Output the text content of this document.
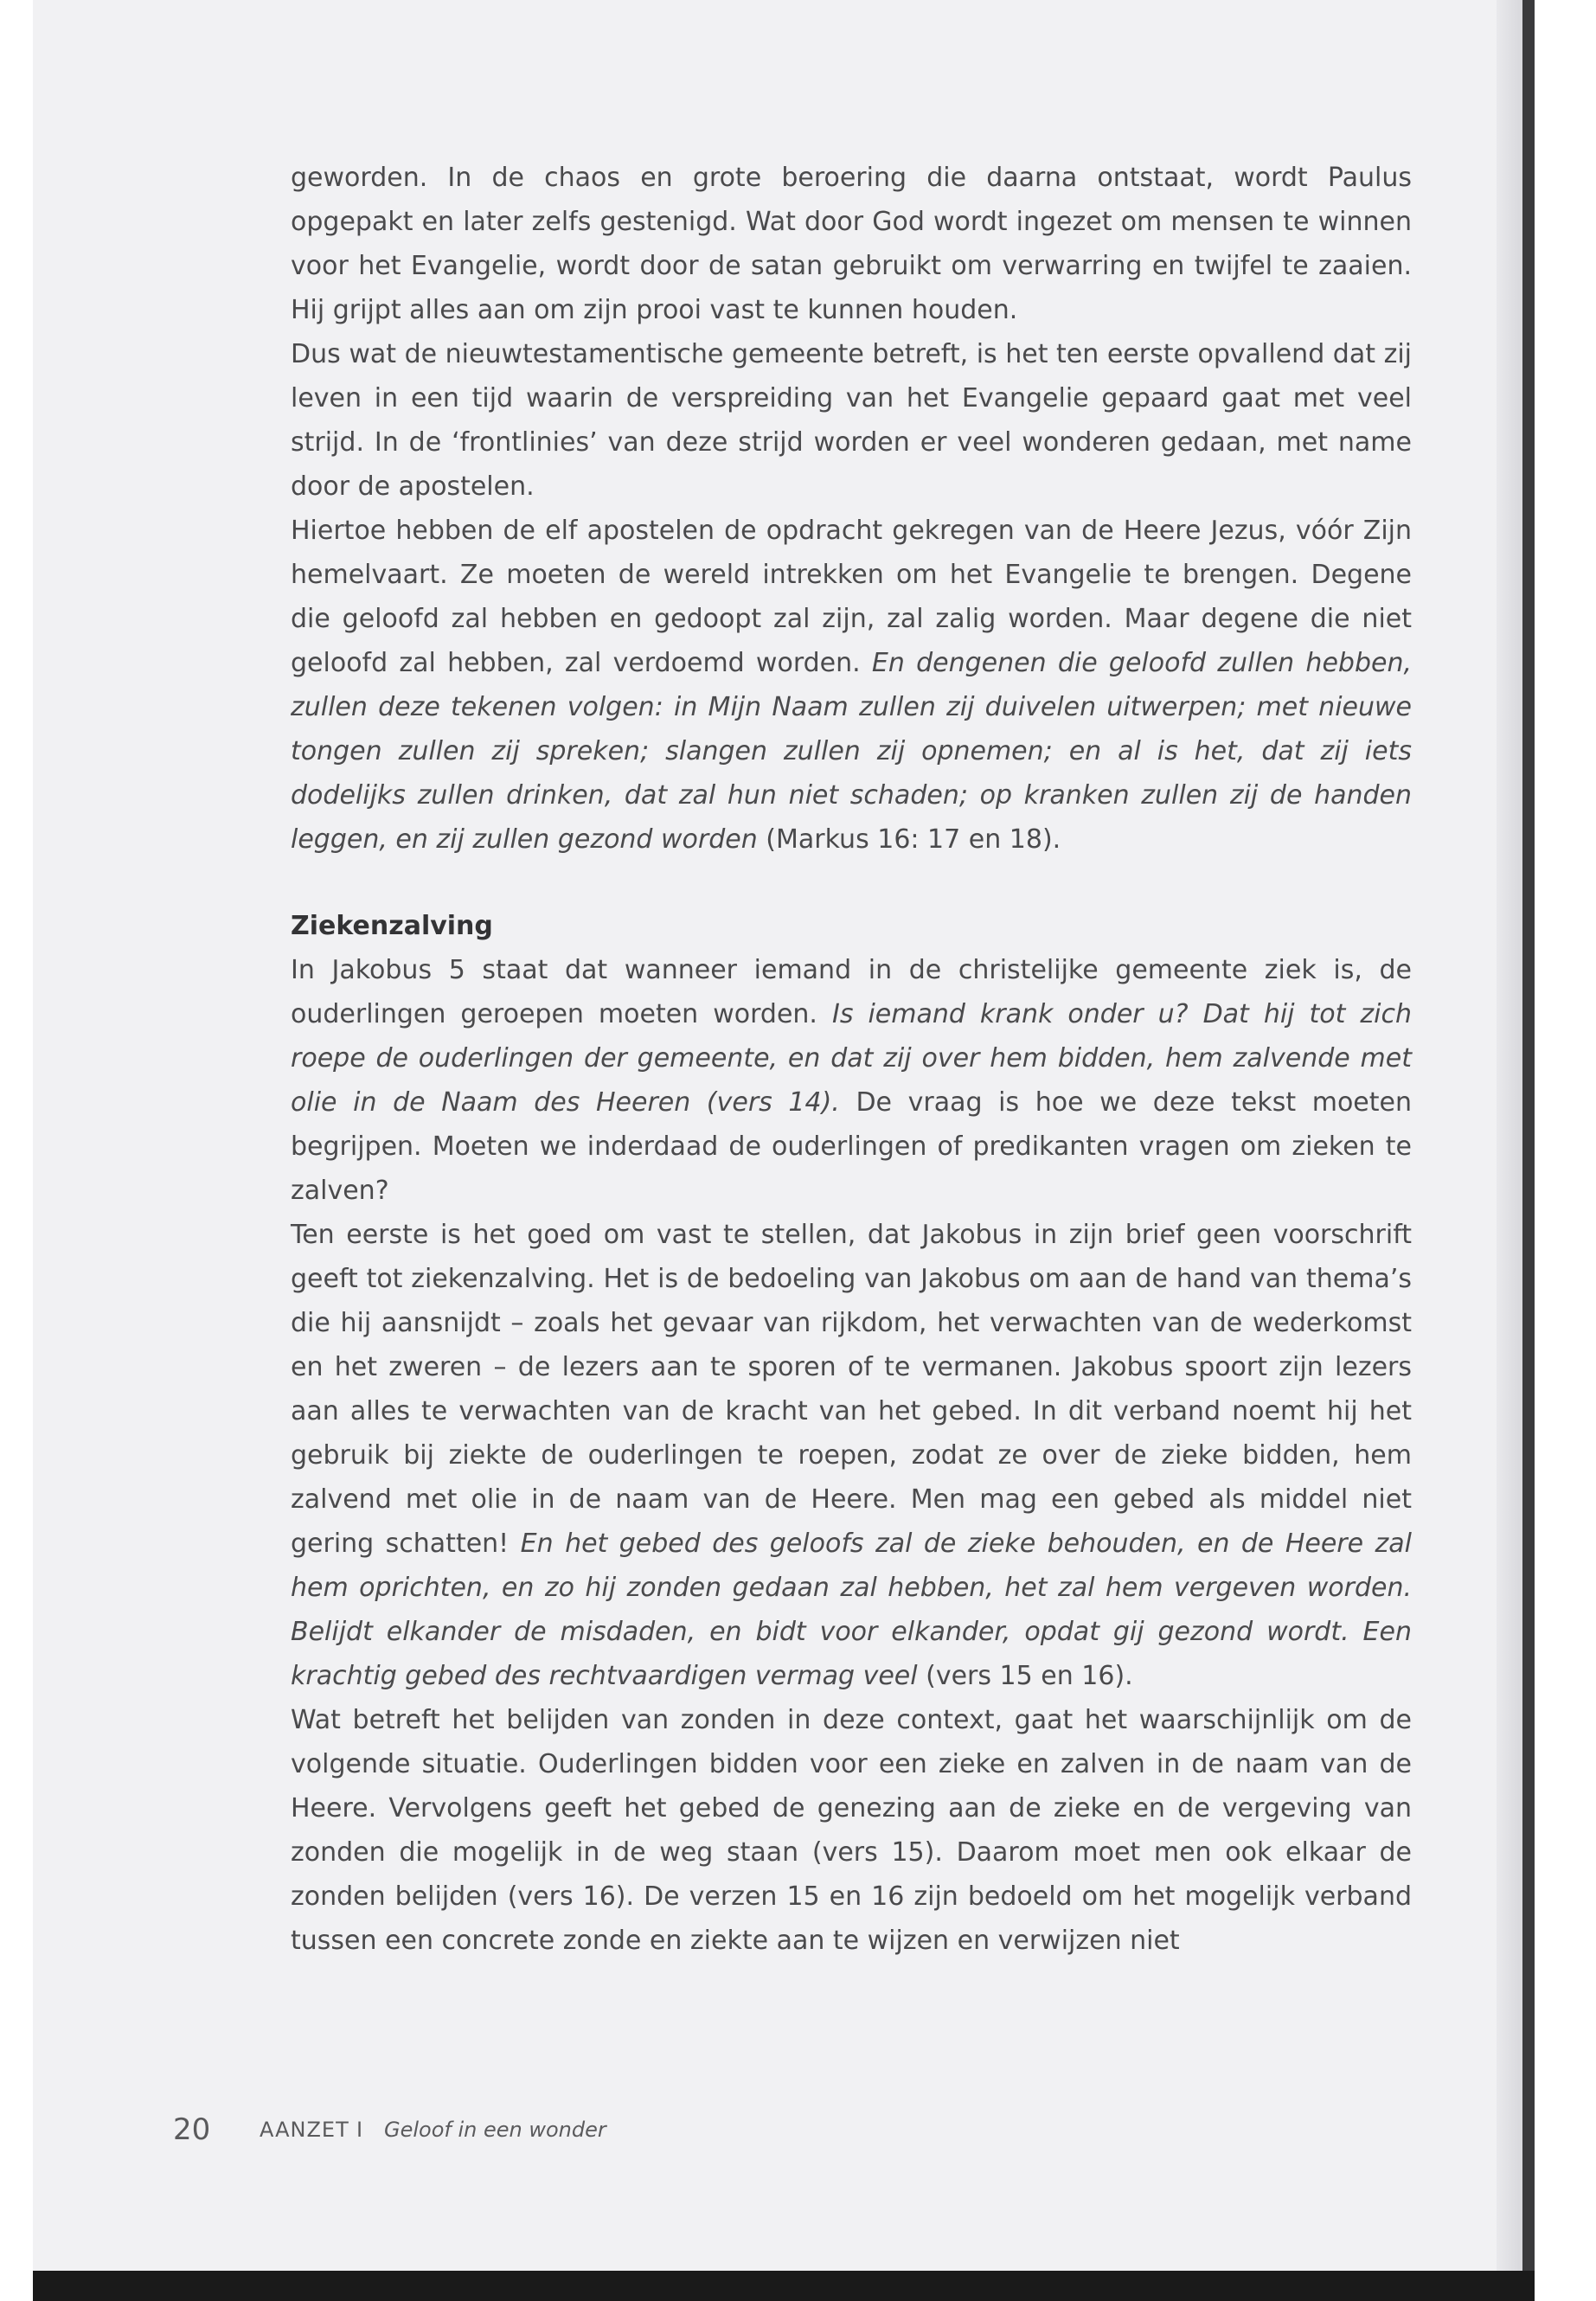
geworden. In de chaos en grote beroering die daarna ontstaat, wordt Paulus opgepakt en later zelfs gestenigd. Wat door God wordt ingezet om mensen te winnen voor het Evangelie, wordt door de satan gebruikt om verwarring en twijfel te zaaien. Hij grijpt alles aan om zijn prooi vast te kunnen houden.

Dus wat de nieuwtestamentische gemeente betreft, is het ten eerste opvallend dat zij leven in een tijd waarin de verspreiding van het Evangelie gepaard gaat met veel strijd. In de ‘frontlinies’ van deze strijd worden er veel wonderen gedaan, met name door de apostelen.

Hiertoe hebben de elf apostelen de opdracht gekregen van de Heere Jezus, vóór Zijn hemelvaart. Ze moeten de wereld intrekken om het Evangelie te brengen. Degene die geloofd zal hebben en gedoopt zal zijn, zal zalig worden. Maar degene die niet geloofd zal hebben, zal verdoemd worden. En dengenen die geloofd zullen hebben, zullen deze tekenen volgen: in Mijn Naam zullen zij duivelen uitwerpen; met nieuwe tongen zullen zij spreken; slangen zullen zij opnemen; en al is het, dat zij iets dodelijks zullen drinken, dat zal hun niet schaden; op kranken zullen zij de handen leggen, en zij zullen gezond worden (Markus 16: 17 en 18).

Ziekenzalving

In Jakobus 5 staat dat wanneer iemand in de christelijke gemeente ziek is, de ouderlingen geroepen moeten worden. Is iemand krank onder u? Dat hij tot zich roepe de ouderlingen der gemeente, en dat zij over hem bidden, hem zalvende met olie in de Naam des Heeren (vers 14). De vraag is hoe we deze tekst moeten begrijpen. Moeten we inderdaad de ouderlingen of predikanten vragen om zieken te zalven?

Ten eerste is het goed om vast te stellen, dat Jakobus in zijn brief geen voorschrift geeft tot ziekenzalving. Het is de bedoeling van Jakobus om aan de hand van thema’s die hij aansnijdt – zoals het gevaar van rijkdom, het verwachten van de wederkomst en het zweren – de lezers aan te sporen of te vermanen. Jakobus spoort zijn lezers aan alles te verwachten van de kracht van het gebed. In dit verband noemt hij het gebruik bij ziekte de ouderlingen te roepen, zodat ze over de zieke bidden, hem zalvend met olie in de naam van de Heere. Men mag een gebed als middel niet gering schatten! En het gebed des geloofs zal de zieke behouden, en de Heere zal hem oprichten, en zo hij zonden gedaan zal hebben, het zal hem vergeven worden. Belijdt elkander de misdaden, en bidt voor elkander, opdat gij gezond wordt. Een krachtig gebed des rechtvaardigen vermag veel (vers 15 en 16).

Wat betreft het belijden van zonden in deze context, gaat het waarschijnlijk om de volgende situatie. Ouderlingen bidden voor een zieke en zalven in de naam van de Heere. Vervolgens geeft het gebed de genezing aan de zieke en de vergeving van zonden die mogelijk in de weg staan (vers 15). Daarom moet men ook elkaar de zonden belijden (vers 16). De verzen 15 en 16 zijn bedoeld om het mogelijk verband tussen een concrete zonde en ziekte aan te wijzen en verwijzen niet

20 AANZET I Geloof in een wonder
